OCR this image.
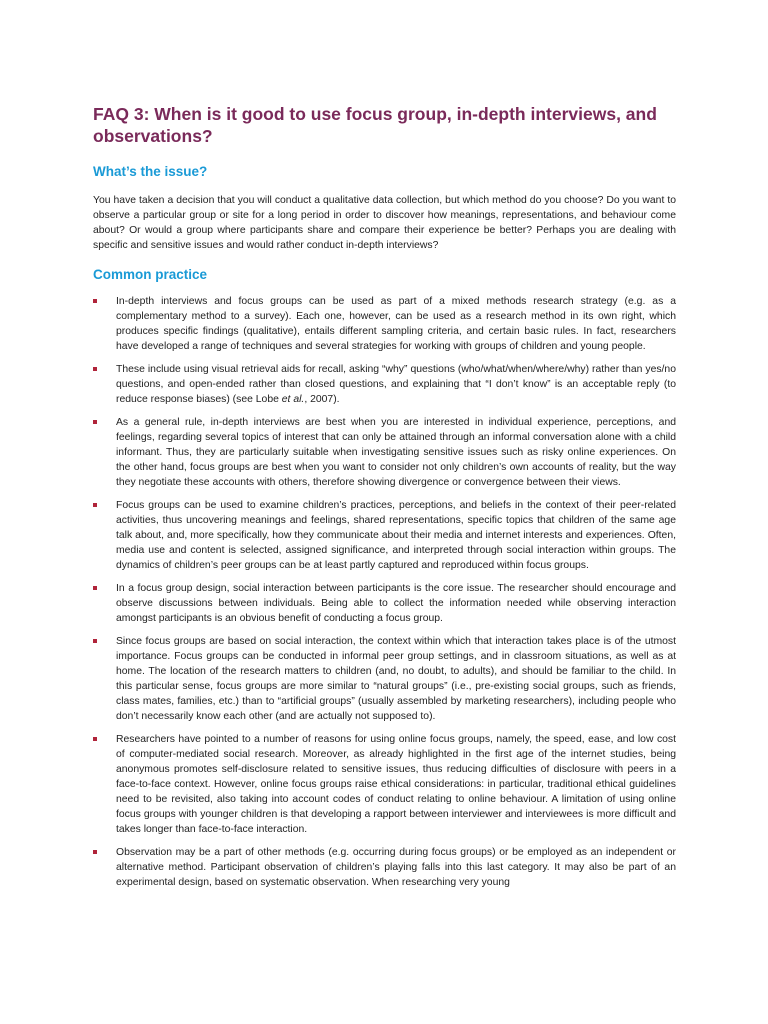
FAQ 3: When is it good to use focus group, in-depth interviews, and observations?
What’s the issue?

You have taken a decision that you will conduct a qualitative data collection, but which method do you choose? Do you want to observe a particular group or site for a long period in order to discover how meanings, representations, and behaviour come about? Or would a group where participants share and compare their experience be better? Perhaps you are dealing with specific and sensitive issues and would rather conduct in-depth interviews?

Common practice
In-depth interviews and focus groups can be used as part of a mixed methods research strategy (e.g. as a complementary method to a survey). Each one, however, can be used as a research method in its own right, which produces specific findings (qualitative), entails different sampling criteria, and certain basic rules. In fact, researchers have developed a range of techniques and several strategies for working with groups of children and young people.
These include using visual retrieval aids for recall, asking “why” questions (who/what/when/where/why) rather than yes/no questions, and open-ended rather than closed questions, and explaining that “I don’t know” is an acceptable reply (to reduce response biases) (see Lobe et al., 2007).
As a general rule, in-depth interviews are best when you are interested in individual experience, perceptions, and feelings, regarding several topics of interest that can only be attained through an informal conversation alone with a child informant. Thus, they are particularly suitable when investigating sensitive issues such as risky online experiences. On the other hand, focus groups are best when you want to consider not only children’s own accounts of reality, but the way they negotiate these accounts with others, therefore showing divergence or convergence between their views.
Focus groups can be used to examine children’s practices, perceptions, and beliefs in the context of their peer-related activities, thus uncovering meanings and feelings, shared representations, specific topics that children of the same age talk about, and, more specifically, how they communicate about their media and internet interests and experiences. Often, media use and content is selected, assigned significance, and interpreted through social interaction within groups. The dynamics of children’s peer groups can be at least partly captured and reproduced within focus groups.
In a focus group design, social interaction between participants is the core issue. The researcher should encourage and observe discussions between individuals. Being able to collect the information needed while observing interaction amongst participants is an obvious benefit of conducting a focus group.
Since focus groups are based on social interaction, the context within which that interaction takes place is of the utmost importance. Focus groups can be conducted in informal peer group settings, and in classroom situations, as well as at home. The location of the research matters to children (and, no doubt, to adults), and should be familiar to the child. In this particular sense, focus groups are more similar to “natural groups” (i.e., pre-existing social groups, such as friends, class mates, families, etc.) than to “artificial groups” (usually assembled by marketing researchers), including people who don’t necessarily know each other (and are actually not supposed to).
Researchers have pointed to a number of reasons for using online focus groups, namely, the speed, ease, and low cost of computer-mediated social research. Moreover, as already highlighted in the first age of the internet studies, being anonymous promotes self-disclosure related to sensitive issues, thus reducing difficulties of disclosure with peers in a face-to-face context. However, online focus groups raise ethical considerations: in particular, traditional ethical guidelines need to be revisited, also taking into account codes of conduct relating to online behaviour. A limitation of using online focus groups with younger children is that developing a rapport between interviewer and interviewees is more difficult and takes longer than face-to-face interaction.
Observation may be a part of other methods (e.g. occurring during focus groups) or be employed as an independent or alternative method. Participant observation of children’s playing falls into this last category. It may also be part of an experimental design, based on systematic observation. When researching very young
